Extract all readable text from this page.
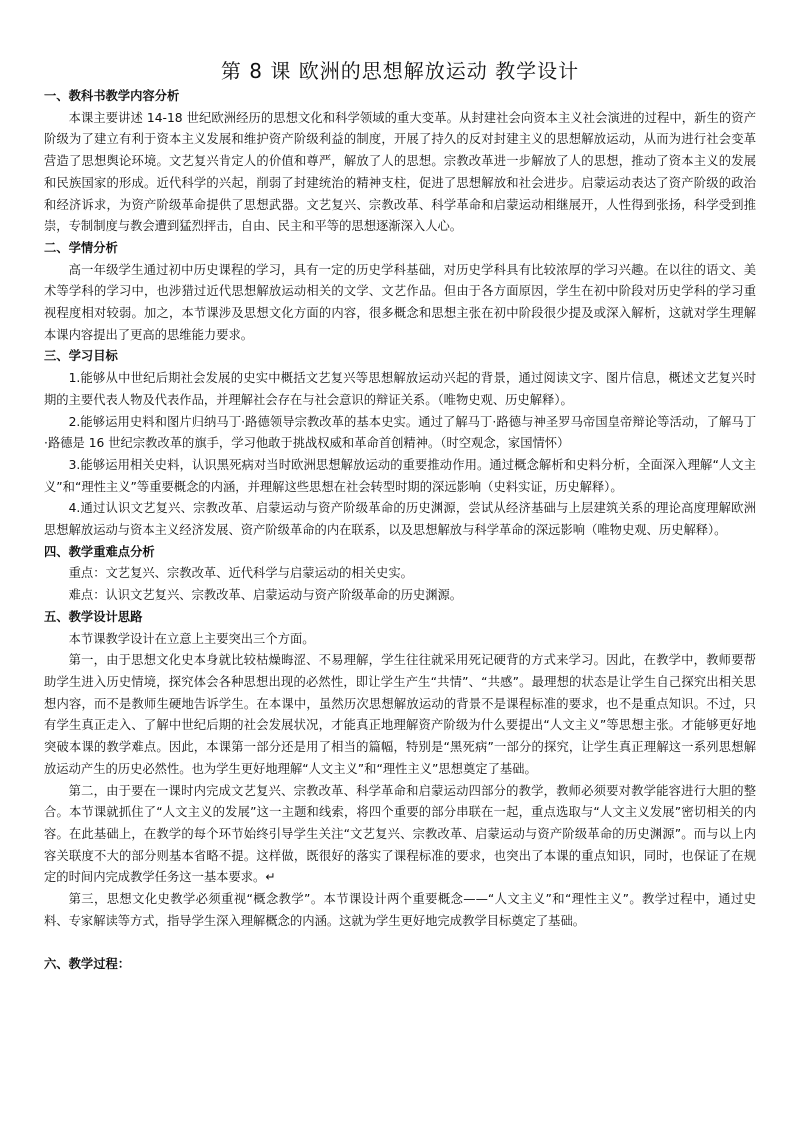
第 8 课 欧洲的思想解放运动 教学设计

一、教科书教学内容分析

本课主要讲述 14-18 世纪欧洲经历的思想文化和科学领域的重大变革。从封建社会向资本主义社会演进的过程中，新生的资产阶级为了建立有利于资本主义发展和维护资产阶级利益的制度，开展了持久的反对封建主义的思想解放运动，从而为进行社会变革营造了思想舆论环境。文艺复兴肯定人的价值和尊严，解放了人的思想。宗教改革进一步解放了人的思想，推动了资本主义的发展和民族国家的形成。近代科学的兴起，削弱了封建统治的精神支柱，促进了思想解放和社会进步。启蒙运动表达了资产阶级的政治和经济诉求，为资产阶级革命提供了思想武器。文艺复兴、宗教改革、科学革命和启蒙运动相继展开，人性得到张扬，科学受到推崇，专制制度与教会遭到猛烈抨击，自由、民主和平等的思想逐渐深入人心。

二、学情分析

高一年级学生通过初中历史课程的学习，具有一定的历史学科基础，对历史学科具有比较浓厚的学习兴趣。在以往的语文、美术等学科的学习中，也涉猎过近代思想解放运动相关的文学、文艺作品。但由于各方面原因，学生在初中阶段对历史学科的学习重视程度相对较弱。加之，本节课涉及思想文化方面的内容，很多概念和思想主张在初中阶段很少提及或深入解析，这就对学生理解本课内容提出了更高的思维能力要求。

三、学习目标

1.能够从中世纪后期社会发展的史实中概括文艺复兴等思想解放运动兴起的背景，通过阅读文字、图片信息，概述文艺复兴时期的主要代表人物及代表作品，并理解社会存在与社会意识的辩证关系。（唯物史观、历史解释）。

2.能够运用史料和图片归纳马丁·路德领导宗教改革的基本史实。通过了解马丁·路德与神圣罗马帝国皇帝辩论等活动，了解马丁·路德是 16 世纪宗教改革的旗手，学习他敢于挑战权威和革命首创精神。（时空观念，家国情怀）

3.能够运用相关史料，认识黑死病对当时欧洲思想解放运动的重要推动作用。通过概念解析和史料分析，全面深入理解“人文主义”和“理性主义”等重要概念的内涵，并理解这些思想在社会转型时期的深远影响（史料实证，历史解释）。

4.通过认识文艺复兴、宗教改革、启蒙运动与资产阶级革命的历史渊源，尝试从经济基础与上层建筑关系的理论高度理解欧洲思想解放运动与资本主义经济发展、资产阶级革命的内在联系，以及思想解放与科学革命的深远影响（唯物史观、历史解释）。

四、教学重难点分析

重点：文艺复兴、宗教改革、近代科学与启蒙运动的相关史实。

难点：认识文艺复兴、宗教改革、启蒙运动与资产阶级革命的历史渊源。

五、教学设计思路

本节课教学设计在立意上主要突出三个方面。

第一，由于思想文化史本身就比较枯燥晦涩、不易理解，学生往往就采用死记硬背的方式来学习。因此，在教学中，教师要帮助学生进入历史情境，探究体会各种思想出现的必然性，即让学生产生“共情”、“共感”。最理想的状态是让学生自己探究出相关思想内容，而不是教师生硬地告诉学生。在本课中，虽然历次思想解放运动的背景不是课程标准的要求，也不是重点知识。不过，只有学生真正走入、了解中世纪后期的社会发展状况，才能真正地理解资产阶级为什么要提出“人文主义”等思想主张。才能够更好地突破本课的教学难点。因此，本课第一部分还是用了相当的篇幅，特别是“黑死病”一部分的探究，让学生真正理解这一系列思想解放运动产生的历史必然性。也为学生更好地理解“人文主义”和“理性主义”思想奠定了基础。

第二，由于要在一课时内完成文艺复兴、宗教改革、科学革命和启蒙运动四部分的教学，教师必须要对教学能容进行大胆的整合。本节课就抓住了“人文主义的发展”这一主题和线索，将四个重要的部分串联在一起，重点选取与“人文主义发展”密切相关的内容。在此基础上，在教学的每个环节始终引导学生关注“文艺复兴、宗教改革、启蒙运动与资产阶级革命的历史渊源”。而与以上内容关联度不大的部分则基本省略不提。这样做，既很好的落实了课程标准的要求，也突出了本课的重点知识，同时，也保证了在规定的时间内完成教学任务这一基本要求。↵

第三，思想文化史教学必须重视“概念教学”。本节课设计两个重要概念——“人文主义”和“理性主义”。教学过程中，通过史料、专家解读等方式，指导学生深入理解概念的内涵。这就为学生更好地完成教学目标奠定了基础。

六、教学过程：
